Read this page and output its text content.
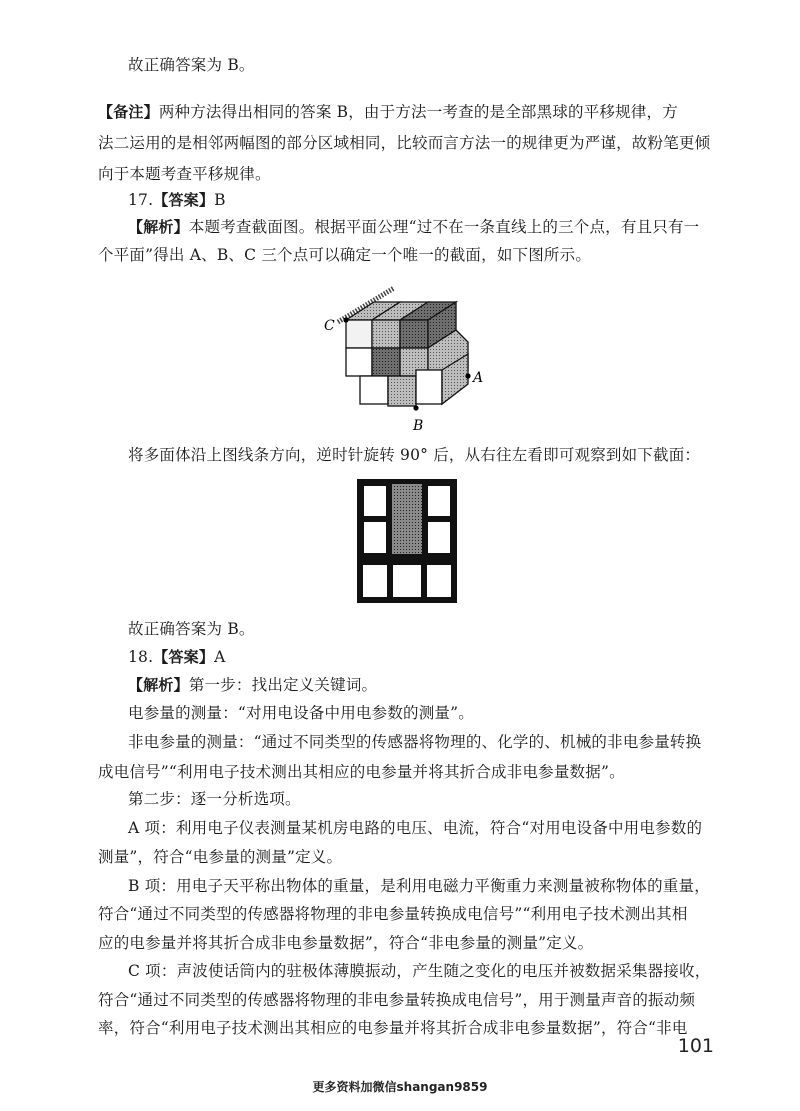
故正确答案为 B。
【备注】两种方法得出相同的答案 B，由于方法一考查的是全部黑球的平移规律，方
法二运用的是相邻两幅图的部分区域相同，比较而言方法一的规律更为严谨，故粉笔更倾
向于本题考查平移规律。
17.【答案】B
【解析】本题考查截面图。根据平面公理“过不在一条直线上的三个点，有且只有一
个平面”得出 A、B、C 三个点可以确定一个唯一的截面，如下图所示。
C
A
B
将多面体沿上图线条方向，逆时针旋转 90° 后，从右往左看即可观察到如下截面：
故正确答案为 B。
18.【答案】A
【解析】第一步：找出定义关键词。
电参量的测量：“对用电设备中用电参数的测量”。
非电参量的测量：“通过不同类型的传感器将物理的、化学的、机械的非电参量转换
成电信号”“利用电子技术测出其相应的电参量并将其折合成非电参量数据”。
第二步：逐一分析选项。
A 项：利用电子仪表测量某机房电路的电压、电流，符合“对用电设备中用电参数的
测量”，符合“电参量的测量”定义。
B 项：用电子天平称出物体的重量，是利用电磁力平衡重力来测量被称物体的重量，
符合“通过不同类型的传感器将物理的非电参量转换成电信号”“利用电子技术测出其相
应的电参量并将其折合成非电参量数据”，符合“非电参量的测量”定义。
C 项：声波使话筒内的驻极体薄膜振动，产生随之变化的电压并被数据采集器接收，
符合“通过不同类型的传感器将物理的非电参量转换成电信号”，用于测量声音的振动频
率，符合“利用电子技术测出其相应的电参量并将其折合成非电参量数据”，符合“非电
101
更多资料加微信shangan9859
